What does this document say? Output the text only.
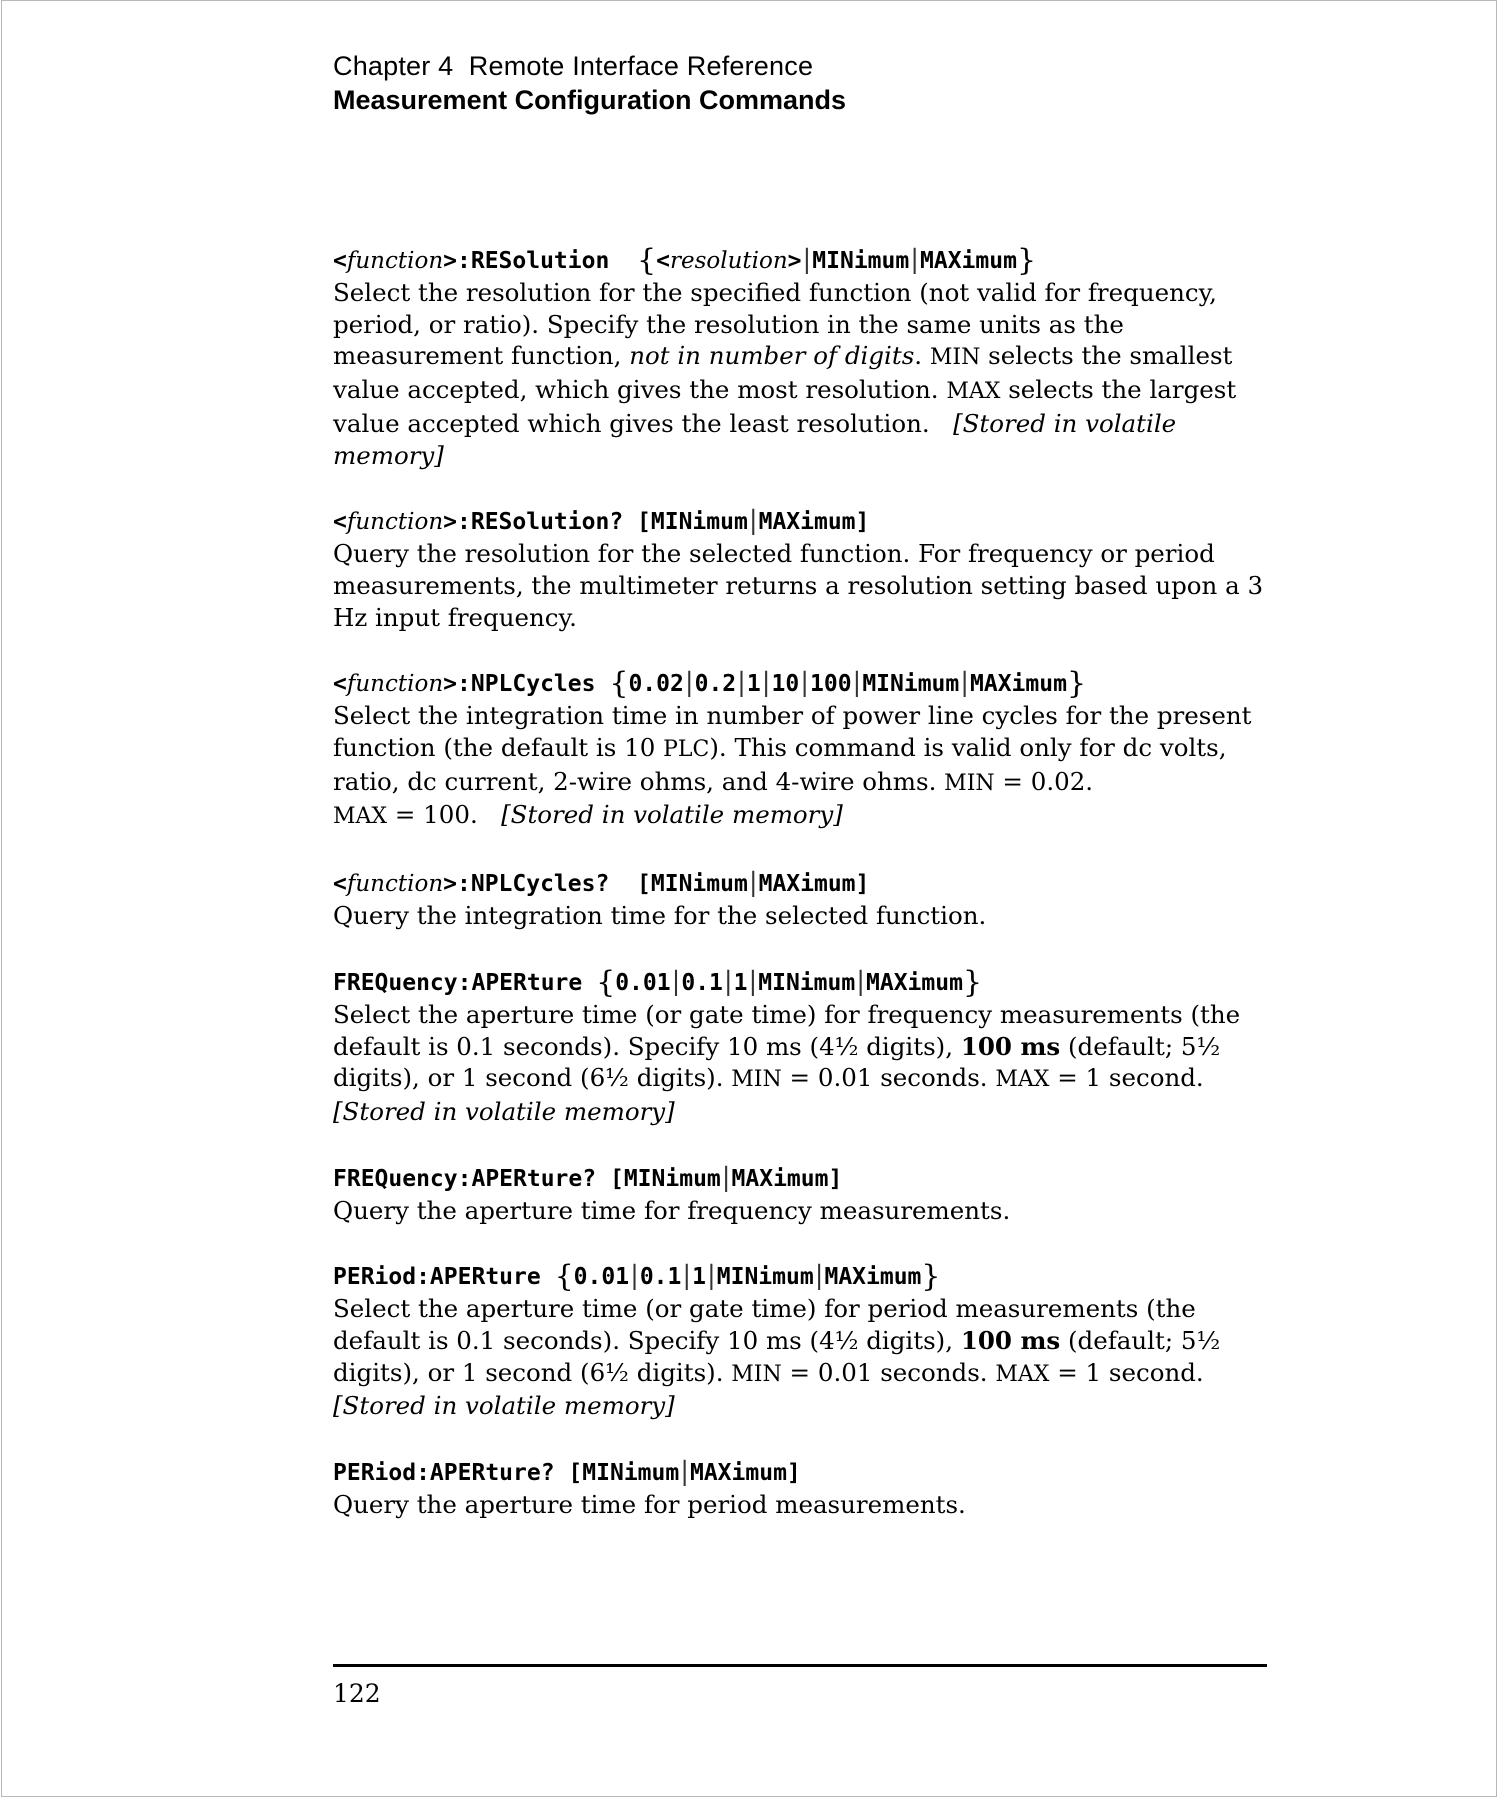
Chapter 4 Remote Interface Reference
Measurement Configuration Commands
<function>:RESolution {<resolution>|MINimum|MAXimum}
Select the resolution for the specified function (not valid for frequency, period, or ratio). Specify the resolution in the same units as the measurement function, not in number of digits. MIN selects the smallest value accepted, which gives the most resolution. MAX selects the largest value accepted which gives the least resolution. [Stored in volatile memory]
<function>:RESolution? [MINimum|MAXimum]
Query the resolution for the selected function. For frequency or period measurements, the multimeter returns a resolution setting based upon a 3 Hz input frequency.
<function>:NPLCycles {0.02|0.2|1|10|100|MINimum|MAXimum}
Select the integration time in number of power line cycles for the present function (the default is 10 PLC). This command is valid only for dc volts, ratio, dc current, 2-wire ohms, and 4-wire ohms. MIN = 0.02.
MAX = 100. [Stored in volatile memory]
<function>:NPLCycles? [MINimum|MAXimum]
Query the integration time for the selected function.
FREQuency:APERture {0.01|0.1|1|MINimum|MAXimum}
Select the aperture time (or gate time) for frequency measurements (the default is 0.1 seconds). Specify 10 ms (4½ digits), 100 ms (default; 5½ digits), or 1 second (6½ digits). MIN = 0.01 seconds. MAX = 1 second.
[Stored in volatile memory]
FREQuency:APERture? [MINimum|MAXimum]
Query the aperture time for frequency measurements.
PERiod:APERture {0.01|0.1|1|MINimum|MAXimum}
Select the aperture time (or gate time) for period measurements (the default is 0.1 seconds). Specify 10 ms (4½ digits), 100 ms (default; 5½ digits), or 1 second (6½ digits). MIN = 0.01 seconds. MAX = 1 second.
[Stored in volatile memory]
PERiod:APERture? [MINimum|MAXimum]
Query the aperture time for period measurements.
122
